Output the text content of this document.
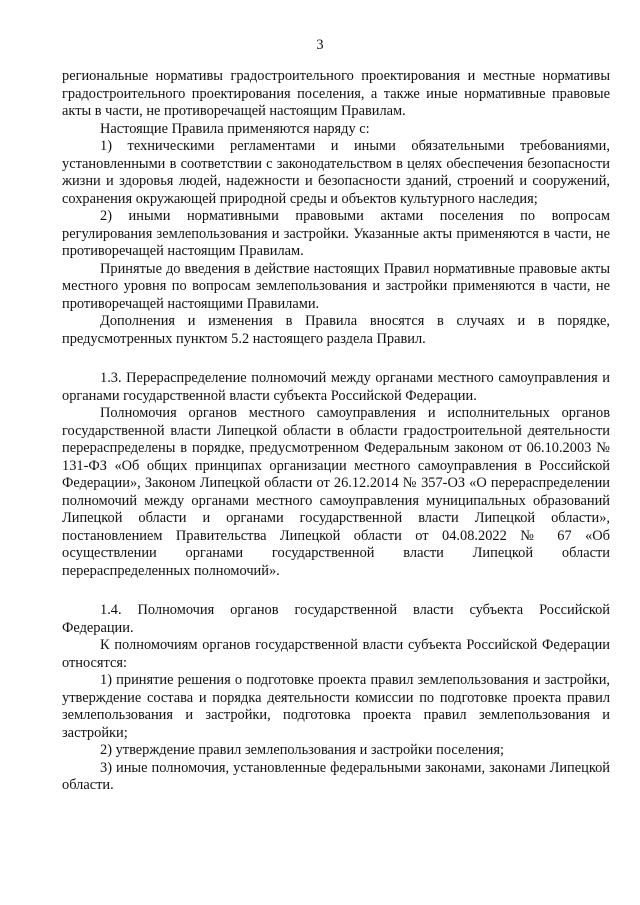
3

региональные нормативы градостроительного проектирования и местные нормативы градостроительного проектирования поселения, а также иные нормативные правовые акты в части, не противоречащей настоящим Правилам.

Настоящие Правила применяются наряду с:

1) техническими регламентами и иными обязательными требованиями, установленными в соответствии с законодательством в целях обеспечения безопасности жизни и здоровья людей, надежности и безопасности зданий, строений и сооружений, сохранения окружающей природной среды и объектов культурного наследия;

2) иными нормативными правовыми актами поселения по вопросам регулирования землепользования и застройки. Указанные акты применяются в части, не противоречащей настоящим Правилам.

Принятые до введения в действие настоящих Правил нормативные правовые акты местного уровня по вопросам землепользования и застройки применяются в части, не противоречащей настоящими Правилами.

Дополнения и изменения в Правила вносятся в случаях и в порядке, предусмотренных пунктом 5.2 настоящего раздела Правил.

1.3. Перераспределение полномочий между органами местного самоуправления и органами государственной власти субъекта Российской Федерации.

Полномочия органов местного самоуправления и исполнительных органов государственной власти Липецкой области в области градостроительной деятельности перераспределены в порядке, предусмотренном Федеральным законом от 06.10.2003 № 131-ФЗ «Об общих принципах организации местного самоуправления в Российской Федерации», Законом Липецкой области от 26.12.2014 № 357-ОЗ «О перераспределении полномочий между органами местного самоуправления муниципальных образований Липецкой области и органами государственной власти Липецкой области», постановлением Правительства Липецкой области от 04.08.2022 № 67 «Об осуществлении органами государственной власти Липецкой области перераспределенных полномочий».

1.4. Полномочия органов государственной власти субъекта Российской Федерации.

К полномочиям органов государственной власти субъекта Российской Федерации относятся:

1) принятие решения о подготовке проекта правил землепользования и застройки, утверждение состава и порядка деятельности комиссии по подготовке проекта правил землепользования и застройки, подготовка проекта правил землепользования и застройки;

2) утверждение правил землепользования и застройки поселения;

3) иные полномочия, установленные федеральными законами, законами Липецкой области.
